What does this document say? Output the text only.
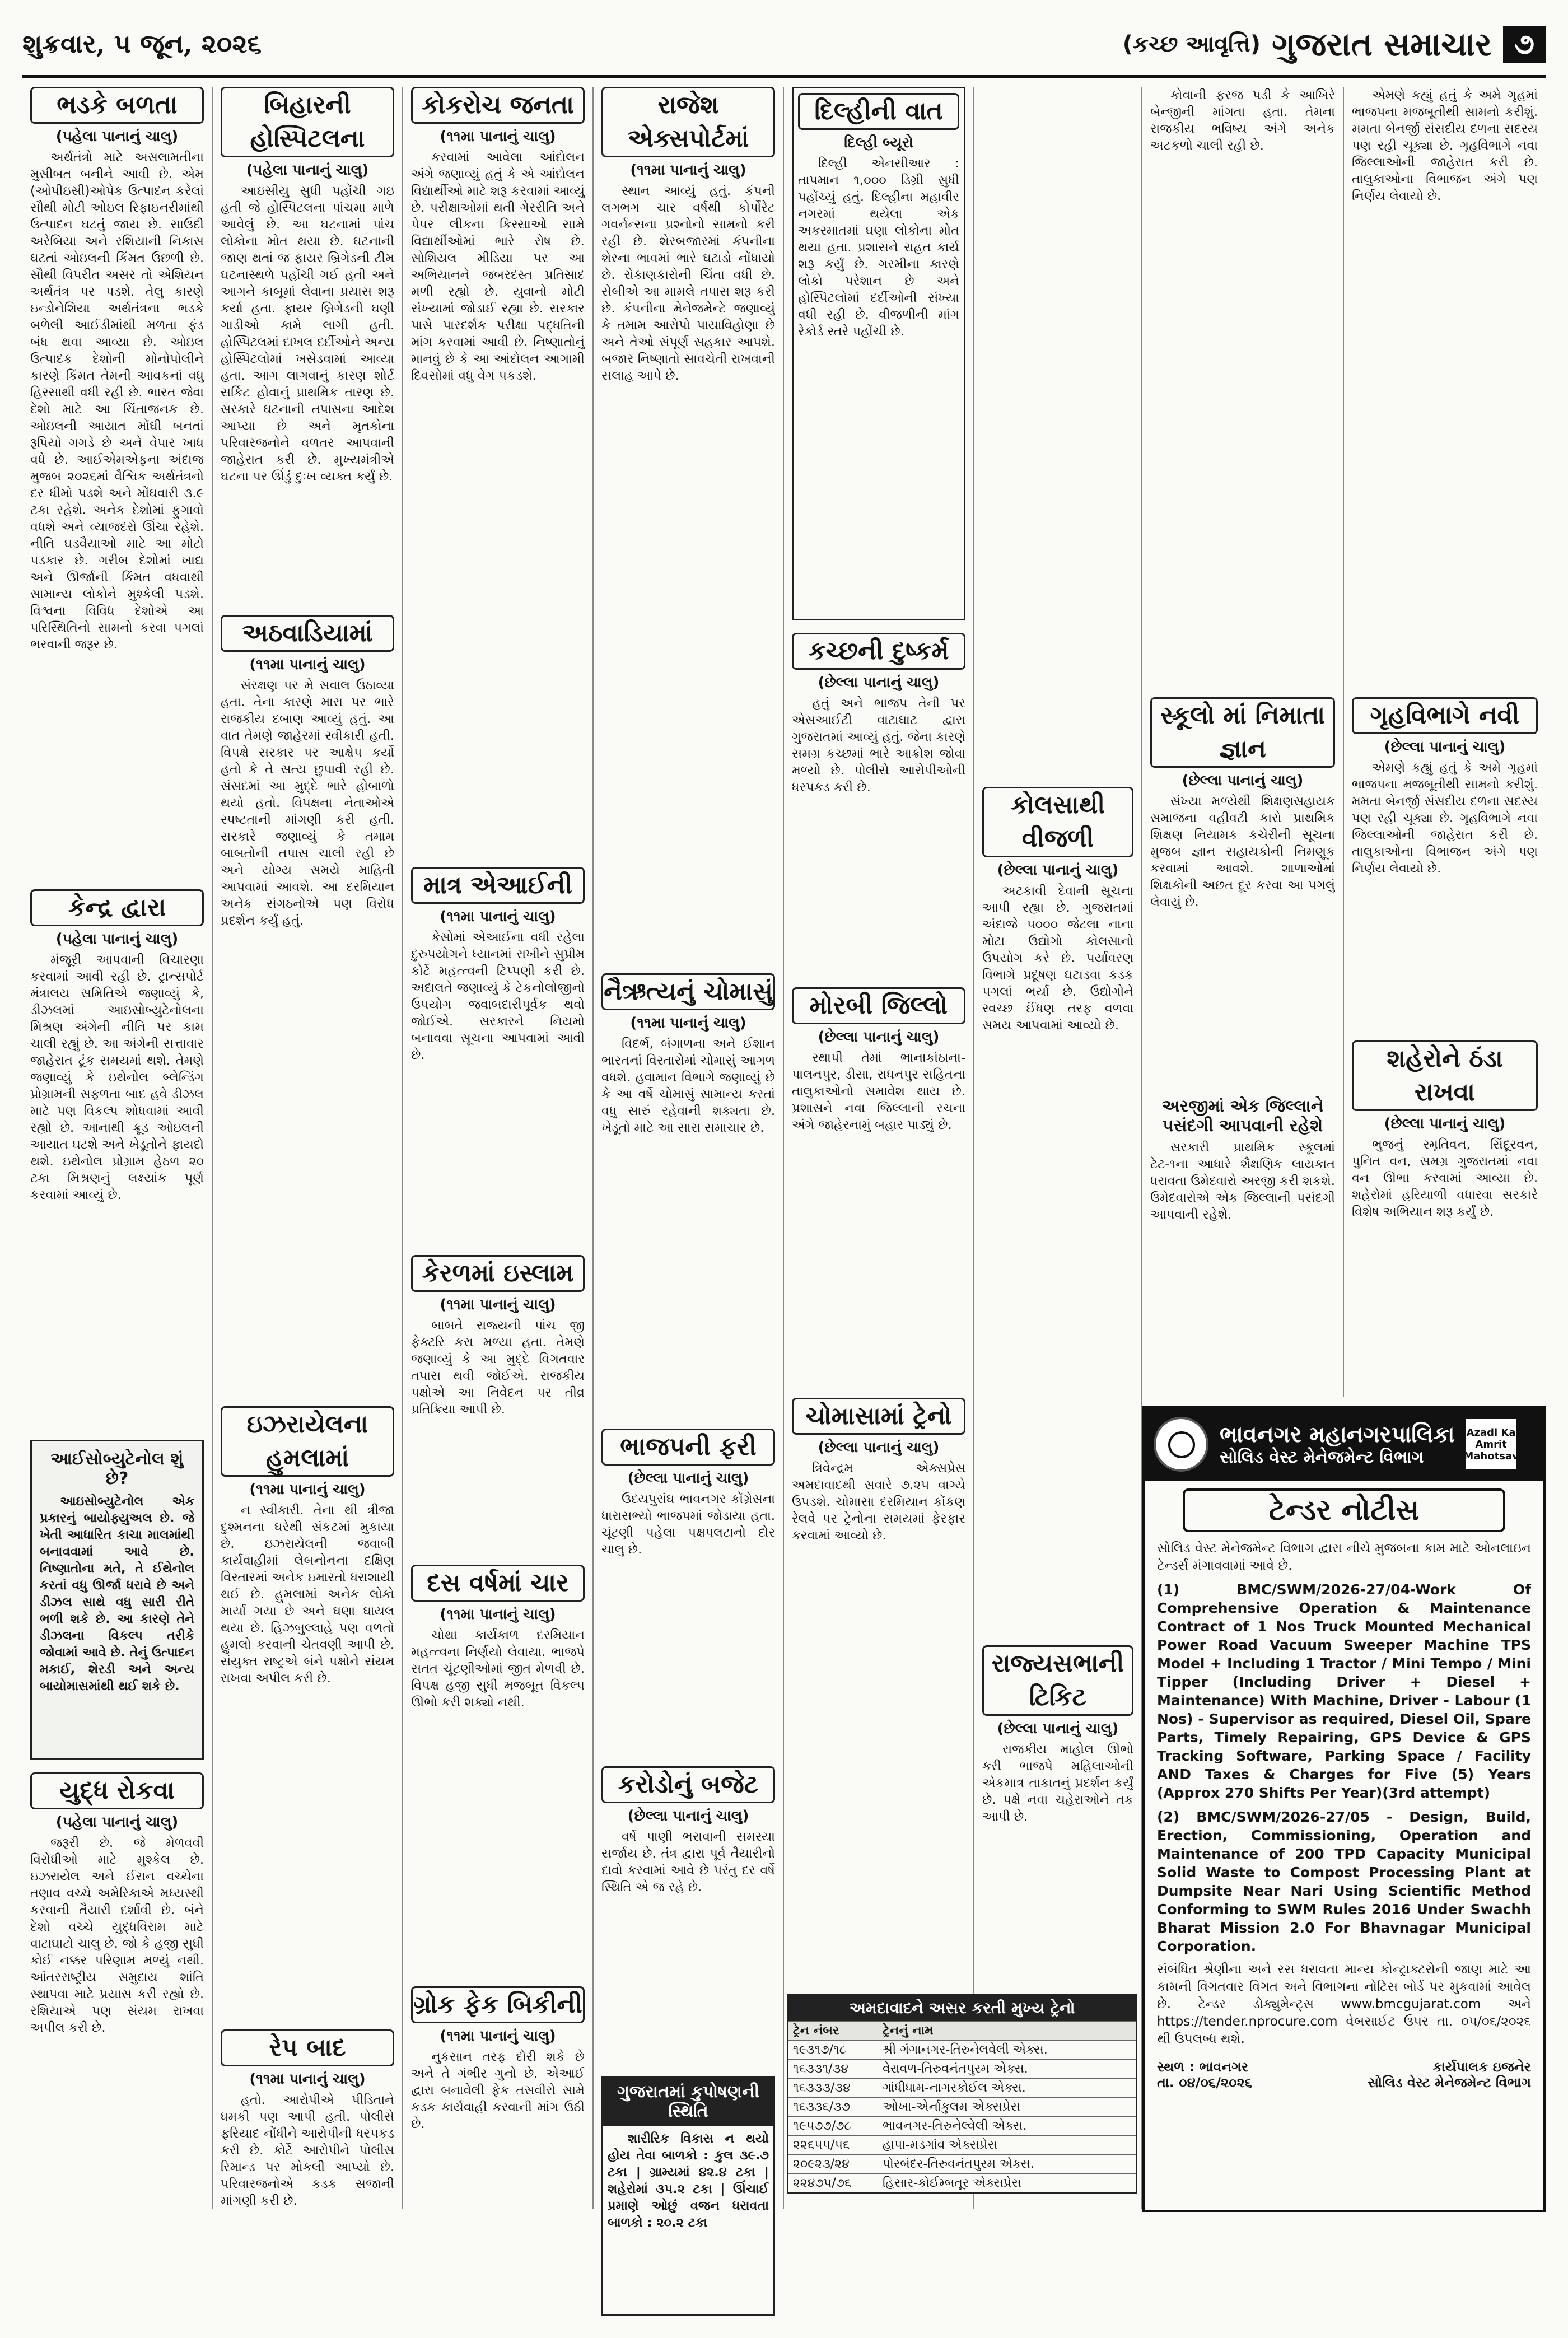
શુક્રવાર, ૫ જૂન, ૨૦૨૬	(કચ્છ આવૃત્તિ) ગુજરાત સમાચાર ૭
ભડકે બળતા
(પહેલા પાનાનું ચાલુ)

અર્થતંત્રો માટે અસલામતીના મુસીબત બનીને આવી છે. એમ (ઓપીઇસી)ઓપેક ઉત્પાદન કરેલાં સૌથી મોટી ઓઇલ રિફાઇનરીમાંથી ઉત્પાદન ઘટતું જાય છે. સાઉદી અરેબિયા અને રશિયાની નિકાસ ઘટતાં ઓઇલની કિંમત ઉછળી છે. સૌથી વિપરીત અસર તો એશિયન અર્થતંત્ર પર પડશે. તેલુ કારણે ઇન્ડોનેશિયા અર્થતંત્રના ભડકે બળેલી આઈડીમાંથી મળતા ફંડ બંધ થવા આવ્યા છે. ઓઇલ ઉત્પાદક દેશોની મોનોપોલીને કારણે કિંમત તેમની આવકનાં વધુ હિસ્સાથી વધી રહી છે. ભારત જેવા દેશો માટે આ ચિંતાજનક છે. ઓઇલની આયાત મોંઘી બનતાં રૂપિયો ગગડે છે અને વેપાર ખાધ વધે છે. આઈએમએફના અંદાજ મુજબ ૨૦૨૬માં વૈશ્વિક અર્થતંત્રનો દર ધીમો પડશે અને મોંઘવારી ૩.૯ ટકા રહેશે. અનેક દેશોમાં ફુગાવો વધશે અને વ્યાજદરો ઊંચા રહેશે. નીતિ ઘડવૈયાઓ માટે આ મોટો પડકાર છે. ગરીબ દેશોમાં ખાદ્ય અને ઊર્જાની કિંમત વધવાથી સામાન્ય લોકોને મુશ્કેલી પડશે. વિશ્વના વિવિધ દેશોએ આ પરિસ્થિતિનો સામનો કરવા પગલાં ભરવાની જરૂર છે.

કેન્દ્ર દ્વારા
(પહેલા પાનાનું ચાલુ)

મંજૂરી આપવાની વિચારણા કરવામાં આવી રહી છે. ટ્રાન્સપોર્ટ મંત્રાલય સમિતિએ જણાવ્યું કે, ડીઝલમાં આઇસોબ્યુટેનોલના મિશ્રણ અંગેની નીતિ પર કામ ચાલી રહ્યું છે. આ અંગેની સત્તાવાર જાહેરાત ટૂંક સમયમાં થશે. તેમણે જણાવ્યું કે ઇથેનોલ બ્લેન્ડિંગ પ્રોગ્રામની સફળતા બાદ હવે ડીઝલ માટે પણ વિકલ્પ શોધવામાં આવી રહ્યો છે. આનાથી ક્રૂડ ઓઇલની આયાત ઘટશે અને ખેડૂતોને ફાયદો થશે. ઇથેનોલ પ્રોગ્રામ હેઠળ ૨૦ ટકા મિશ્રણનું લક્ષ્યાંક પૂર્ણ કરવામાં આવ્યું છે.

આઈસોબ્યુટેનોલ શું છે?

આઇસોબ્યુટેનોલ એક પ્રકારનું બાયોફ્યુઅલ છે. જે ખેતી આધારિત કાચા માલમાંથી બનાવવામાં આવે છે. નિષ્ણાતોના મતે, તે ઈથેનોલ કરતાં વધુ ઊર્જા ધરાવે છે અને ડીઝલ સાથે વધુ સારી રીતે ભળી શકે છે. આ કારણે તેને ડીઝલના વિકલ્પ તરીકે જોવામાં આવે છે. તેનું ઉત્પાદન મકાઈ, શેરડી અને અન્ય બાયોમાસમાંથી થઈ શકે છે.

યુદ્ધ રોકવા
(પહેલા પાનાનું ચાલુ)

જરૂરી છે. જે મેળવવી વિરોધીઓ માટે મુશ્કેલ છે. ઇઝરાયેલ અને ઈરાન વચ્ચેના તણાવ વચ્ચે અમેરિકાએ મધ્યસ્થી કરવાની તૈયારી દર્શાવી છે. બંને દેશો વચ્ચે યુદ્ધવિરામ માટે વાટાઘાટો ચાલુ છે. જો કે હજી સુધી કોઈ નક્કર પરિણામ મળ્યું નથી. આંતરરાષ્ટ્રીય સમુદાય શાંતિ સ્થાપવા માટે પ્રયાસ કરી રહ્યો છે. રશિયાએ પણ સંયમ રાખવા અપીલ કરી છે.

બિહારની હોસ્પિટલના
(પહેલા પાનાનું ચાલુ)

આઇસીયુ સુધી પહોંચી ગઇ હતી જે હોસ્પિટલના પાંચમા માળે આવેલું છે. આ ઘટનામાં પાંચ લોકોના મોત થયા છે. ઘટનાની જાણ થતાં જ ફાયર બ્રિગેડની ટીમ ઘટનાસ્થળે પહોંચી ગઈ હતી અને આગને કાબૂમાં લેવાના પ્રયાસ શરૂ કર્યા હતા. ફાયર બ્રિગેડની ઘણી ગાડીઓ કામે લાગી હતી. હોસ્પિટલમાં દાખલ દર્દીઓને અન્ય હોસ્પિટલોમાં ખસેડવામાં આવ્યા હતા. આગ લાગવાનું કારણ શોર્ટ સર્કિટ હોવાનું પ્રાથમિક તારણ છે. સરકારે ઘટનાની તપાસના આદેશ આપ્યા છે અને મૃતકોના પરિવારજનોને વળતર આપવાની જાહેરાત કરી છે. મુખ્યમંત્રીએ ઘટના પર ઊંડું દુઃખ વ્યક્ત કર્યું છે.

અઠવાડિયામાં
(૧૧મા પાનાનું ચાલુ)

સંરક્ષણ પર મે સવાલ ઉઠાવ્યા હતા. તેના કારણે મારા પર ભારે રાજકીય દબાણ આવ્યું હતું. આ વાત તેમણે જાહેરમાં સ્વીકારી હતી. વિપક્ષે સરકાર પર આક્ષેપ કર્યો હતો કે તે સત્ય છુપાવી રહી છે. સંસદમાં આ મુદ્દે ભારે હોબાળો થયો હતો. વિપક્ષના નેતાઓએ સ્પષ્ટતાની માંગણી કરી હતી. સરકારે જણાવ્યું કે તમામ બાબતોની તપાસ ચાલી રહી છે અને યોગ્ય સમયે માહિતી આપવામાં આવશે. આ દરમિયાન અનેક સંગઠનોએ પણ વિરોધ પ્રદર્શન કર્યું હતું.

ઇઝરાયેલના હુમલામાં
(૧૧મા પાનાનું ચાલુ)

ન સ્વીકારી. તેના થી ત્રીજા દુશ્મનના ઘરેથી સંકટમાં મુકાયા છે. ઇઝરાયેલની જવાબી કાર્યવાહીમાં લેબનોનના દક્ષિણ વિસ્તારમાં અનેક ઇમારતો ધરાશાયી થઈ છે. હુમલામાં અનેક લોકો માર્યા ગયા છે અને ઘણા ઘાયલ થયા છે. હિઝબુલ્લાહે પણ વળતો હુમલો કરવાની ચેતવણી આપી છે. સંયુક્ત રાષ્ટ્રએ બંને પક્ષોને સંયમ રાખવા અપીલ કરી છે.

રેપ બાદ
(૧૧મા પાનાનું ચાલુ)

હતો. આરોપીએ પીડિતાને ધમકી પણ આપી હતી. પોલીસે ફરિયાદ નોંધીને આરોપીની ધરપકડ કરી છે. કોર્ટે આરોપીને પોલીસ રિમાન્ડ પર મોકલી આપ્યો છે. પરિવારજનોએ કડક સજાની માંગણી કરી છે.

કોકરોચ જનતા
(૧૧મા પાનાનું ચાલુ)

કરવામાં આવેલા આંદોલન અંગે જણાવ્યું હતું કે એ આંદોલન વિદ્યાર્થીઓ માટે શરૂ કરવામાં આવ્યું છે. પરીક્ષાઓમાં થતી ગેરરીતિ અને પેપર લીકના કિસ્સાઓ સામે વિદ્યાર્થીઓમાં ભારે રોષ છે. સોશિયલ મીડિયા પર આ અભિયાનને જબરદસ્ત પ્રતિસાદ મળી રહ્યો છે. યુવાનો મોટી સંખ્યામાં જોડાઈ રહ્યા છે. સરકાર પાસે પારદર્શક પરીક્ષા પદ્ધતિની માંગ કરવામાં આવી છે. નિષ્ણાતોનું માનવું છે કે આ આંદોલન આગામી દિવસોમાં વધુ વેગ પકડશે.

માત્ર એઆઈની
(૧૧મા પાનાનું ચાલુ)

કેસોમાં એઆઈના વધી રહેલા દુરુપયોગને ધ્યાનમાં રાખીને સુપ્રીમ કોર્ટે મહત્ત્વની ટિપ્પણી કરી છે. અદાલતે જણાવ્યું કે ટેકનોલોજીનો ઉપયોગ જવાબદારીપૂર્વક થવો જોઈએ. સરકારને નિયમો બનાવવા સૂચના આપવામાં આવી છે.

કેરળમાં ઇસ્લામ
(૧૧મા પાનાનું ચાલુ)

બાબતે રાજ્યની પાંચ જી ફેક્ટરિ કરા મળ્યા હતા. તેમણે જણાવ્યું કે આ મુદ્દે વિગતવાર તપાસ થવી જોઈએ. રાજકીય પક્ષોએ આ નિવેદન પર તીવ્ર પ્રતિક્રિયા આપી છે.

દસ વર્ષમાં ચાર
(૧૧મા પાનાનું ચાલુ)

ચોથા કાર્યકાળ દરમિયાન મહત્ત્વના નિર્ણયો લેવાયા. ભાજપે સતત ચૂંટણીઓમાં જીત મેળવી છે. વિપક્ષ હજી સુધી મજબૂત વિકલ્પ ઊભો કરી શક્યો નથી.

ગ્રોક ફેક બિકીની
(૧૧મા પાનાનું ચાલુ)

નુકસાન તરફ દોરી શકે છે અને તે ગંભીર ગુનો છે. એઆઈ દ્વારા બનાવેલી ફેક તસવીરો સામે કડક કાર્યવાહી કરવાની માંગ ઉઠી છે.

રાજેશ એક્સપોર્ટમાં
(૧૧મા પાનાનું ચાલુ)

સ્થાન આવ્યું હતું. કંપની લગભગ ચાર વર્ષથી કોર્પોરેટ ગવર્નન્સના પ્રશ્નોનો સામનો કરી રહી છે. શેરબજારમાં કંપનીના શેરના ભાવમાં ભારે ઘટાડો નોંધાયો છે. રોકાણકારોની ચિંતા વધી છે. સેબીએ આ મામલે તપાસ શરૂ કરી છે. કંપનીના મેનેજમેન્ટે જણાવ્યું કે તમામ આરોપો પાયાવિહોણા છે અને તેઓ સંપૂર્ણ સહકાર આપશે. બજાર નિષ્ણાતો સાવચેતી રાખવાની સલાહ આપે છે.

નૈઋત્યનું ચોમાસું
(૧૧મા પાનાનું ચાલુ)

વિદર્ભ, બંગાળના અને ઈશાન ભારતનાં વિસ્તારોમાં ચોમાસું આગળ વધશે. હવામાન વિભાગે જણાવ્યું છે કે આ વર્ષે ચોમાસું સામાન્ય કરતાં વધુ સારું રહેવાની શક્યતા છે. ખેડૂતો માટે આ સારા સમાચાર છે.

ભાજપની ફરી
(છેલ્લા પાનાનું ચાલુ)

ઉદયપુરાંઘ ભાવનગર કોંગ્રેસના ધારાસભ્યો ભાજપમાં જોડાયા હતા. ચૂંટણી પહેલા પક્ષપલટાનો દોર ચાલુ છે.

કરોડોનું બજેટ
(છેલ્લા પાનાનું ચાલુ)

વર્ષે પાણી ભરાવાની સમસ્યા સર્જાય છે. તંત્ર દ્વારા પૂર્વ તૈયારીનો દાવો કરવામાં આવે છે પરંતુ દર વર્ષે સ્થિતિ એ જ રહે છે.

ગુજરાતમાં કુપોષણની સ્થિતિ

શારીરિક વિકાસ ન થયો હોય તેવા બાળકો : કુલ ૩૯.૭ ટકા | ગ્રામ્યમાં ૪૨.૪ ટકા | શહેરોમાં ૩૫.૨ ટકા | ઊંચાઈ પ્રમાણે ઓછું વજન ધરાવતા બાળકો : ૨૦.૨ ટકા

દિલ્હીની વાત
દિલ્હી બ્યૂરો

દિલ્હી એનસીઆર : તાપમાન ૧,૦૦૦ ડિગ્રી સુધી પહોંચ્યું હતું. દિલ્હીના મહાવીર નગરમાં થયેલા એક અકસ્માતમાં ઘણા લોકોના મોત થયા હતા. પ્રશાસને રાહત કાર્ય શરૂ કર્યું છે. ગરમીના કારણે લોકો પરેશાન છે અને હોસ્પિટલોમાં દર્દીઓની સંખ્યા વધી રહી છે. વીજળીની માંગ રેકોર્ડ સ્તરે પહોંચી છે.

કચ્છની દુષ્કર્મ
(છેલ્લા પાનાનું ચાલુ)

હતું અને ભાજપ તેની પર એસઆઈટી વાટાઘાટ દ્વારા ગુજરાતમાં આવ્યું હતું. જેના કારણે સમગ્ર કચ્છમાં ભારે આક્રોશ જોવા મળ્યો છે. પોલીસે આરોપીઓની ધરપકડ કરી છે.

મોરબી જિલ્લો
(છેલ્લા પાનાનું ચાલુ)

સ્થાપી તેમાં ભાનાકાંઠાના-પાલનપુર, ડીસા, રાધનપુર સહિતના તાલુકાઓનો સમાવેશ થાય છે. પ્રશાસને નવા જિલ્લાની રચના અંગે જાહેરનામું બહાર પાડ્યું છે.

ચોમાસામાં ટ્રેનો
(છેલ્લા પાનાનું ચાલુ)

ત્રિવેન્દ્રમ એક્સપ્રેસ અમદાવાદથી સવારે ૭.૨૫ વાગ્યે ઉપડશે. ચોમાસા દરમિયાન કોંકણ રેલવે પર ટ્રેનોના સમયમાં ફેરફાર કરવામાં આવ્યો છે.

અમદાવાદને અસર કરતી મુખ્ય ટ્રેનો
ટ્રેન નંબર	ટ્રેનનું નામ
૧૯૩૧૭/૧૮	શ્રી ગંગાનગર-તિરુનેલવેલી એક્સ.
૧૬૩૩૧/૩૪	વેરાવળ-તિરુવનંતપુરમ એક્સ.
૧૬૩૩૩/૩૪	ગાંધીધામ-નાગરકોઈલ એક્સ.
૧૬૩૩૬/૩૭	ઓખા-એર્નાકુલમ એક્સપ્રેસ
૧૯૫૭૭/૭૮	ભાવનગર-તિરુનેલ્વેલી એક્સ.
૨૨૬૫૫/૫૬	હાપા-મડગાંવ એક્સપ્રેસ
૨૦૯૨૩/૨૪	પોરબંદર-તિરુવનંતપુરમ એક્સ.
૨૨૪૭૫/૭૬	હિસાર-કોઈમ્બતૂર એક્સપ્રેસ
કોલસાથી વીજળી
(છેલ્લા પાનાનું ચાલુ)

અટકાવી દેવાની સૂચના આપી રહ્યા છે. ગુજરાતમાં અંદાજે ૫૦૦૦ જેટલા નાના મોટા ઉદ્યોગો કોલસાનો ઉપયોગ કરે છે. પર્યાવરણ વિભાગે પ્રદૂષણ ઘટાડવા કડક પગલાં ભર્યા છે. ઉદ્યોગોને સ્વચ્છ ઈંધણ તરફ વળવા સમય આપવામાં આવ્યો છે.

રાજ્યસભાની ટિકિટ
(છેલ્લા પાનાનું ચાલુ)

રાજકીય માહોલ ઊભો કરી ભાજપે મહિલાઓની એકમાત્ર તાકાતનું પ્રદર્શન કર્યું છે. પક્ષે નવા ચહેરાઓને તક આપી છે.

કોવાની ફરજ પડી કે આખિરે બેન્જીની માંગતા હતા. તેમના રાજકીય ભવિષ્ય અંગે અનેક અટકળો ચાલી રહી છે.

સ્કૂલો માં નિમાતા જ્ઞાન
(છેલ્લા પાનાનું ચાલુ)

સંખ્યા મળ્યેથી શિક્ષણસહાયક સમાજના વહીવટી કારો પ્રાથમિક શિક્ષણ નિયામક કચેરીની સૂચના મુજબ જ્ઞાન સહાયકોની નિમણૂક કરવામાં આવશે. શાળાઓમાં શિક્ષકોની અછત દૂર કરવા આ પગલું લેવાયું છે.

અરજીમાં એક જિલ્લાને પસંદગી આપવાની રહેશે

સરકારી પ્રાથમિક સ્કૂલમાં ટેટ-૧ના આધારે શૈક્ષણિક લાયકાત ધરાવતા ઉમેદવારો અરજી કરી શકશે. ઉમેદવારોએ એક જિલ્લાની પસંદગી આપવાની રહેશે.

એમણે કહ્યું હતું કે અમે ગૃહમાં ભાજપના મજબૂતીથી સામનો કરીશું. મમતા બેનર્જી સંસદીય દળના સદસ્ય પણ રહી ચૂક્યા છે. ગૃહવિભાગે નવા જિલ્લાઓની જાહેરાત કરી છે. તાલુકાઓના વિભાજન અંગે પણ નિર્ણય લેવાયો છે.

ગૃહવિભાગે નવી
(છેલ્લા પાનાનું ચાલુ)

એમણે કહ્યું હતું કે અમે ગૃહમાં ભાજપના મજબૂતીથી સામનો કરીશું. મમતા બેનર્જી સંસદીય દળના સદસ્ય પણ રહી ચૂક્યા છે. ગૃહવિભાગે નવા જિલ્લાઓની જાહેરાત કરી છે. તાલુકાઓના વિભાજન અંગે પણ નિર્ણય લેવાયો છે.

શહેરોને ઠંડા રાખવા
(છેલ્લા પાનાનું ચાલુ)

ભુજનું સ્મૃતિવન, સિંદૂરવન, પુનિત વન, સમગ્ર ગુજરાતમાં નવા વન ઊભા કરવામાં આવ્યા છે. શહેરોમાં હરિયાળી વધારવા સરકારે વિશેષ અભિયાન શરૂ કર્યું છે.

ભાવનગર મહાનગરપાલિકા
સોલિડ વેસ્ટ મેનેજમેન્ટ વિભાગ
Azadi Ka Amrit Mahotsav
ટેન્ડર નોટીસ

સોલિડ વેસ્ટ મેનેજમેન્ટ વિભાગ દ્વારા નીચે મુજબના કામ માટે ઓનલાઇન ટેન્ડર્સ મંગાવવામાં આવે છે.

(1) BMC/SWM/2026-27/04-Work Of Comprehensive Operation & Maintenance Contract of 1 Nos Truck Mounted Mechanical Power Road Vacuum Sweeper Machine TPS Model + Including 1 Tractor / Mini Tempo / Mini Tipper (Including Driver + Diesel + Maintenance) With Machine, Driver - Labour (1 Nos) - Supervisor as required, Diesel Oil, Spare Parts, Timely Repairing, GPS Device & GPS Tracking Software, Parking Space / Facility AND Taxes & Charges for Five (5) Years (Approx 270 Shifts Per Year)(3rd attempt)

(2) BMC/SWM/2026-27/05 - Design, Build, Erection, Commissioning, Operation and Maintenance of 200 TPD Capacity Municipal Solid Waste to Compost Processing Plant at Dumpsite Near Nari Using Scientific Method Conforming to SWM Rules 2016 Under Swachh Bharat Mission 2.0 For Bhavnagar Municipal Corporation.

સંબંધિત શ્રેણીના અને રસ ધરાવતા માન્ય કોન્ટ્રાક્ટરોની જાણ માટે આ કામની વિગતવાર વિગત અને વિભાગના નોટિસ બોર્ડ પર મુકવામાં આવેલ છે. ટેન્ડર ડોક્યુમેન્ટ્સ www.bmcgujarat.com અને https://tender.nprocure.com વેબસાઈટ ઉપર તા. ૦૫/૦૬/૨૦૨૬ થી ઉપલબ્ધ થશે.

સ્થળ : ભાવનગર
તા. ૦૪/૦૬/૨૦૨૬
કાર્યપાલક ઇજનેર
સોલિડ વેસ્ટ મેનેજમેન્ટ વિભાગ
